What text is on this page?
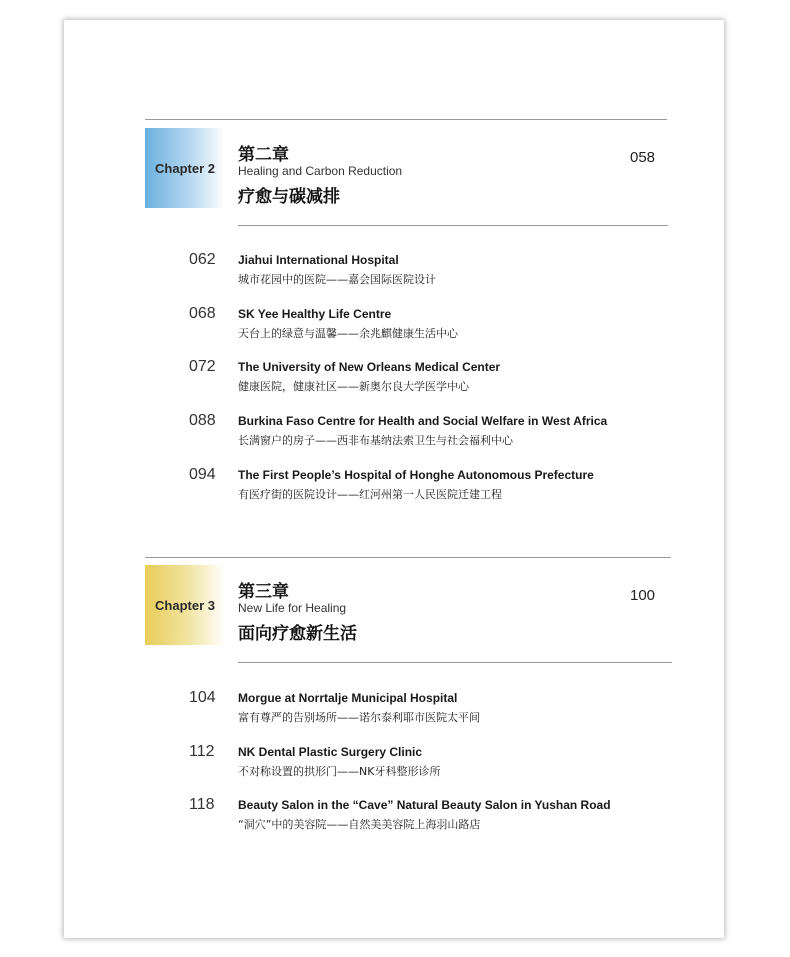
Chapter 2
第二章
Healing and Carbon Reduction
疗愈与碳减排
058
062 Jiahui International Hospital
城市花园中的医院——嘉会国际医院设计
068 SK Yee Healthy Life Centre
天台上的绿意与温馨——余兆麒健康生活中心
072 The University of New Orleans Medical Center
健康医院，健康社区——新奥尔良大学医学中心
088 Burkina Faso Centre for Health and Social Welfare in West Africa
长满窗户的房子——西非布基纳法索卫生与社会福利中心
094 The First People’s Hospital of Honghe Autonomous Prefecture
有医疗街的医院设计——红河州第一人民医院迁建工程
Chapter 3
第三章
New Life for Healing
面向疗愈新生活
100
104 Morgue at Norrtalje Municipal Hospital
富有尊严的告别场所——诺尔泰利耶市医院太平间
112 NK Dental Plastic Surgery Clinic
不对称设置的拱形门——NK牙科整形诊所
118 Beauty Salon in the “Cave” Natural Beauty Salon in Yushan Road
“洞穴”中的美容院——自然美美容院上海羽山路店
